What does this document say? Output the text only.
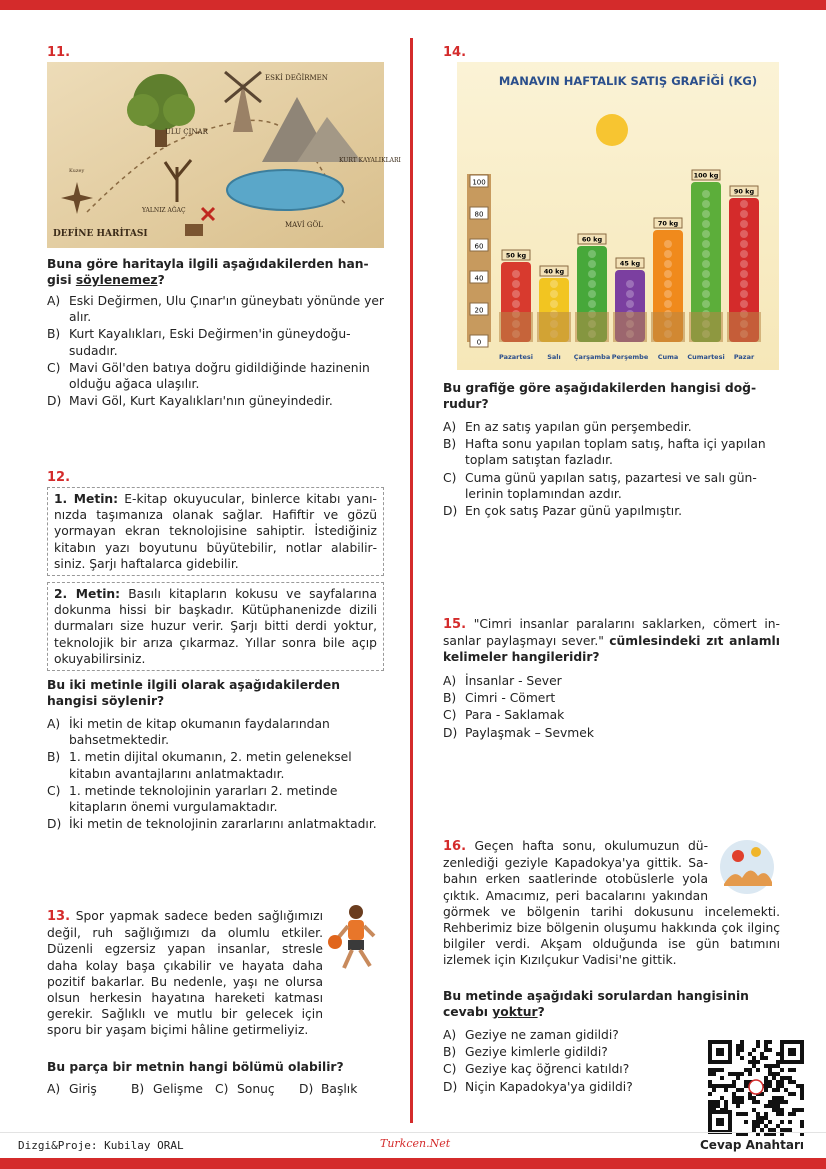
11.
Kuzey
ESKİ DEĞİRMEN
ULU ÇINAR
KURT KAYALIKLARI
YALNIZ AĞAÇ
MAVİ GÖL
DEFİNE HARİTASI
Buna göre haritayla ilgili aşağıdakilerden hangisi söylenemez?
A) Eski Değirmen, Ulu Çınar'ın güneybatı yönünde yer alır.
B) Kurt Kayalıkları, Eski Değirmen'in güneydoğusudadır.
C) Mavi Göl'den batıya doğru gidildiğinde hazinenin olduğu ağaca ulaşılır.
D) Mavi Göl, Kurt Kayalıkları'nın güneyindedir.
12.
1. Metin: E-kitap okuyucular, binlerce kitabı yanınızda taşımanıza olanak sağlar. Hafiftir ve gözü yormayan ekran teknolojisine sahiptir. İstediğiniz kitabın yazı boyutunu büyütebilir, notlar alabilirsiniz. Şarjı haftalarca gidebilir.
2. Metin: Basılı kitapların kokusu ve sayfalarına dokunma hissi bir başkadır. Kütüphanenizde dizili durmaları size huzur verir. Şarjı bitti derdi yoktur, teknolojik bir arıza çıkarmaz. Yıllar sonra bile açıp okuyabilirsiniz.
Bu iki metinle ilgili olarak aşağıdakilerden hangisi söylenir?
A) İki metin de kitap okumanın faydalarından bahsetmektedir.
B) 1. metin dijital okumanın, 2. metin geleneksel kitabın avantajlarını anlatmaktadır.
C) 1. metinde teknolojinin yararları 2. metinde kitapların önemi vurgulamaktadır.
D) İki metin de teknolojinin zararlarını anlatmaktadır.
13. Spor yapmak sadece beden sağlığımızı değil, ruh sağlığımızı da olumlu etkiler. Düzenli egzersiz yapan insanlar, stresle daha kolay başa çıkabilir ve hayata daha pozitif bakarlar. Bu nedenle, yaşı ne olursa olsun herkesin hayatına hareketi katması gerekir. Sağlıklı ve mutlu bir gelecek için sporu bir yaşam biçimi hâline getirmeliyiz.
Bu parça bir metnin hangi bölümü olabilir?
A) Giriş	B) Gelişme C) Sonuç D) Başlık
14.
MANAVIN HAFTALIK SATIŞ GRAFİĞİ (KG)
0
20
40
60
80
100
50 kg
40 kg
60 kg
45 kg
70 kg
100 kg
90 kg
Pazartesi Salı Çarşamba Perşembe Cuma Cumartesi Pazar
Bu grafiğe göre aşağıdakilerden hangisi doğrudur?
A) En az satış yapılan gün perşembedir.
B) Hafta sonu yapılan toplam satış, hafta içi yapılan toplam satıştan fazladır.
C) Cuma günü yapılan satış, pazartesi ve salı günlerinin toplamından azdır.
D) En çok satış Pazar günü yapılmıştır.
15. "Cimri insanlar paralarını saklarken, cömert insanlar paylaşmayı sever." cümlesindeki zıt anlamlı kelimeler hangileridir?
A) İnsanlar - Sever
B) Cimri - Cömert
C) Para - Saklamak
D) Paylaşmak – Sevmek
16. Geçen hafta sonu, okulumuzun düzenlediği geziyle Kapadokya'ya gittik. Sabahın erken saatlerinde otobüslerle yola çıktık. Amacımız, peri bacalarını yakından görmek ve bölgenin tarihi dokusunu incelemekti. Rehberimiz bize bölgenin oluşumu hakkında çok ilginç bilgiler verdi. Akşam olduğunda ise gün batımını izlemek için Kızılçukur Vadisi'ne gittik.
Bu metinde aşağıdaki sorulardan hangisinin cevabı yoktur?
A) Geziye ne zaman gidildi?
B) Geziye kimlerle gidildi?
C) Geziye kaç öğrenci katıldı?
D) Niçin Kapadokya'ya gidildi?
Dizgi&Proje: Kubilay ORAL	Turkcen.Net	Cevap Anahtarı
